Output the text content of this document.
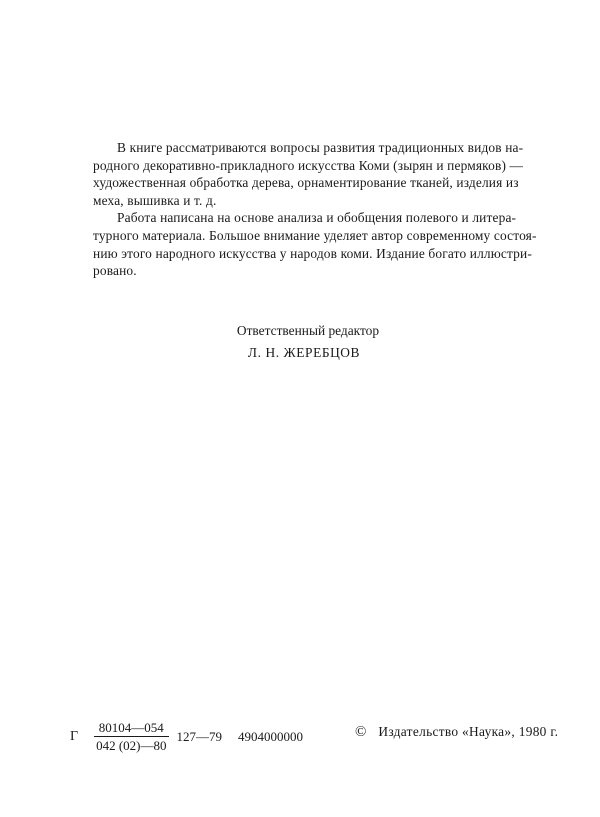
В книге рассматриваются вопросы развития традиционных видов на-
родного декоративно-прикладного искусства Коми (зырян и пермяков) —
художественная обработка дерева, орнаментирование тканей, изделия из
меха, вышивка и т. д.
Работа написана на основе анализа и обобщения полевого и литера-
турного материала. Большое внимание уделяет автор современному состоя-
нию этого народного искусства у народов коми. Издание богато иллюстри-
ровано.
Ответственный редактор
Л. Н. ЖЕРЕБЦОВ
Г $\frac{80104—054}{042 (02)—80}$ 127—79 4904000000	© Издательство «Наука», 1980 г.
